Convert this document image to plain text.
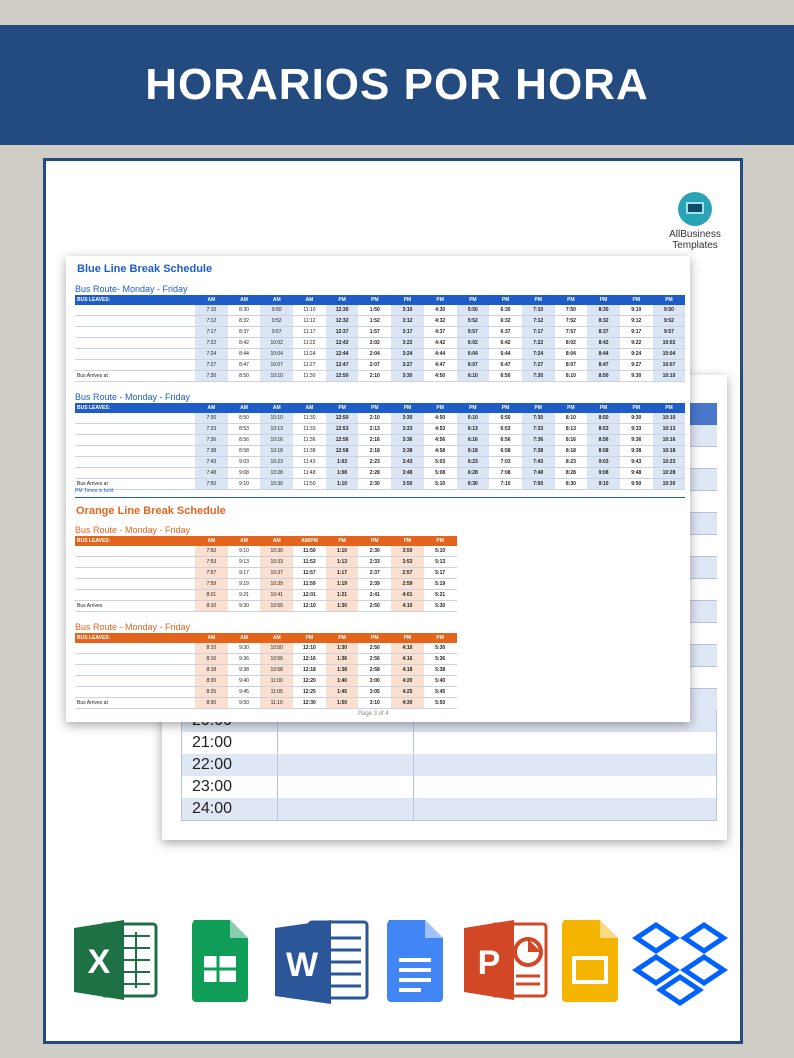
HORARIOS POR HORA
AllBusiness
Templates
21:00
22:00
23:00
24:00
Blue Line Break Schedule
Bus Route- Monday - Friday
BUS LEAVES:	AM	AM	AM	AM	PM	PM	PM	PM	PM	PM	PM	PM	PM	PM	PM
	7:10	8:30	9:50	11:10	12:30	1:50	3:10	4:30	5:50	6:30	7:10	7:50	8:30	9:10	9:50
	7:12	8:32	9:52	11:12	12:32	1:52	3:12	4:32	5:52	6:32	7:12	7:52	8:32	9:12	9:52
	7:17	8:37	9:57	11:17	12:37	1:57	3:17	4:37	5:57	6:37	7:17	7:57	8:37	9:17	9:57
	7:22	8:42	10:02	11:22	12:42	2:02	3:22	4:42	6:02	6:42	7:22	8:02	8:42	9:22	10:02
	7:24	8:44	10:04	11:24	12:44	2:04	3:24	4:44	6:04	6:44	7:24	8:04	8:44	9:24	10:04
	7:27	8:47	10:07	11:27	12:47	2:07	3:27	4:47	6:07	6:47	7:27	8:07	8:47	9:27	10:07
Bus Arrives at	7:30	8:50	10:10	11:30	12:50	2:10	3:30	4:50	6:10	6:50	7:30	8:10	8:50	9:30	10:10
Bus Route - Monday - Friday
BUS LEAVES:	AM	AM	AM	AM	PM	PM	PM	PM	PM	PM	PM	PM	PM	PM	PM
	7:30	8:50	10:10	11:30	12:50	2:10	3:30	4:50	6:10	6:50	7:30	8:10	8:50	9:30	10:10
	7:33	8:53	10:13	11:33	12:53	2:13	3:33	4:53	6:13	6:53	7:33	8:13	8:53	9:33	10:13
	7:36	8:56	10:16	11:36	12:56	2:16	3:36	4:56	6:16	6:56	7:36	8:16	8:56	9:36	10:16
	7:38	8:58	10:18	11:38	12:58	2:18	3:38	4:58	6:18	6:58	7:38	8:18	8:58	9:38	10:18
	7:43	9:03	10:23	11:43	1:03	2:23	3:43	5:03	6:23	7:03	7:43	8:23	9:03	9:43	10:23
	7:48	9:08	10:28	11:48	1:08	2:28	3:48	5:08	6:28	7:08	7:48	8:28	9:08	9:48	10:28
Bus Arrives at	7:50	9:10	10:30	11:50	1:10	2:30	3:50	5:10	6:30	7:10	7:50	8:30	9:10	9:50	10:30
PM Times in bold
Orange Line Break Schedule
Bus Route - Monday - Friday
BUS LEAVES:	AM	AM	AM	AM/PM	PM	PM	PM	PM
	7:50	9:10	10:30	11:50	1:10	2:30	3:50	5:10
	7:53	9:13	10:33	11:53	1:13	2:33	3:53	5:13
	7:57	9:17	10:37	11:57	1:17	2:37	2:57	5:17
	7:59	9:19	10:39	11:59	1:19	2:39	2:59	5:19
	8:01	9:21	10:41	12:01	1:21	2:41	4:01	5:21
Bus Arrives	8:10	9:30	10:50	12:10	1:30	2:50	4:10	5:30
Bus Route - Monday - Friday
BUS LEAVES:	AM	AM	AM	PM	PM	PM	PM	PM
	8:10	9:30	10:50	12:10	1:30	2:50	4:10	5:30
	8:16	9:36	10:56	12:16	1:36	2:56	4:16	5:36
	8:18	9:38	10:58	12:18	1:38	2:58	4:18	5:38
	8:20	9:40	11:00	12:20	1:40	3:00	4:20	5:40
	8:25	9:45	11:05	12:25	1:45	3:05	4:25	5:45
Bus Arrives at	8:30	9:50	11:10	12:30	1:50	3:10	4:30	5:50
Page 3 of 4
X	W	P
